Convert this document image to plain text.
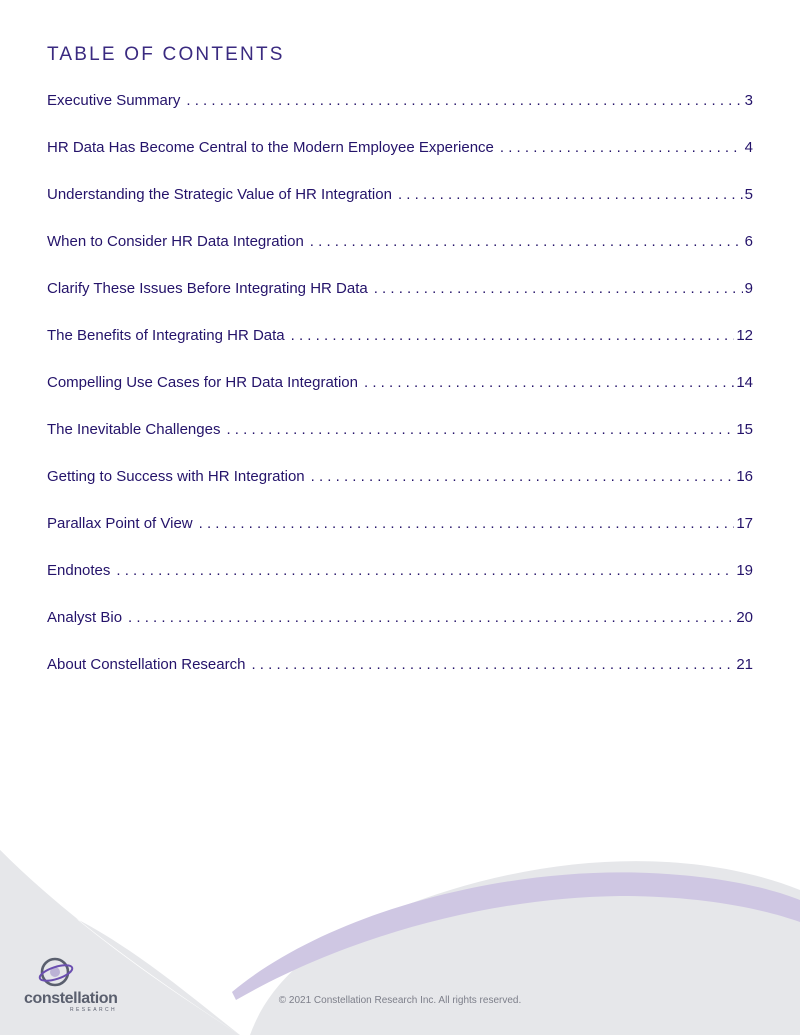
TABLE OF CONTENTS
Executive Summary . . .	3
HR Data Has Become Central to the Modern Employee Experience . . .	4
Understanding the Strategic Value of HR Integration . . .	5
When to Consider HR Data Integration . . .	6
Clarify These Issues Before Integrating HR Data . . .	9
The Benefits of Integrating HR Data . . .	12
Compelling Use Cases for HR Data Integration . . .	14
The Inevitable Challenges . . .	15
Getting to Success with HR Integration . . .	16
Parallax Point of View . . .	17
Endnotes . . .	19
Analyst Bio . . .	20
About Constellation Research . . .	21
constellation
RESEARCH
© 2021 Constellation Research Inc. All rights reserved.
